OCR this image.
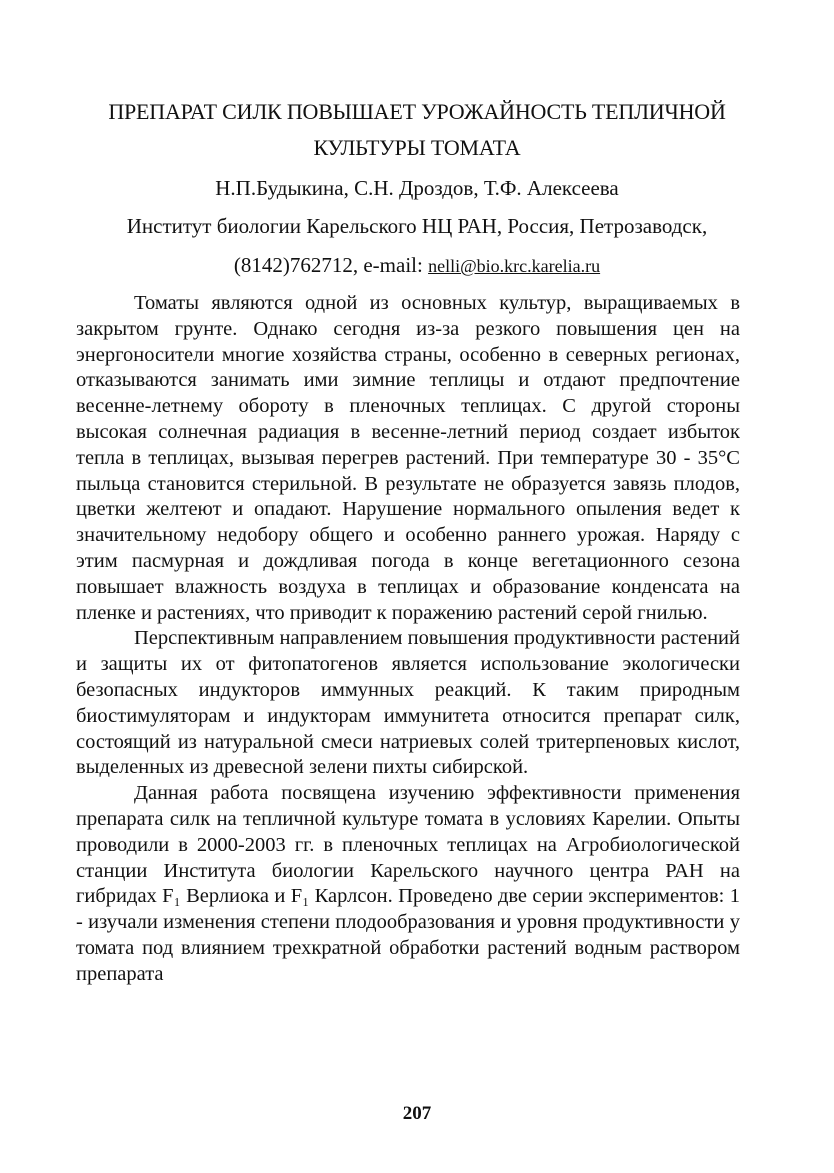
ПРЕПАРАТ СИЛК ПОВЫШАЕТ УРОЖАЙНОСТЬ ТЕПЛИЧНОЙ КУЛЬТУРЫ ТОМАТА
Н.П.Будыкина, С.Н. Дроздов, Т.Ф. Алексеева
Институт биологии Карельского НЦ РАН, Россия, Петрозаводск,
(8142)762712, e-mail: nelli@bio.krc.karelia.ru

Томаты являются одной из основных культур, выращиваемых в закрытом грунте. Однако сегодня из-за резкого повышения цен на энергоносители многие хозяйства страны, особенно в северных регионах, отказываются занимать ими зимние теплицы и отдают предпочтение весенне-летнему обороту в пленочных теплицах. С другой стороны высокая солнечная радиация в весенне-летний период создает избыток тепла в теплицах, вызывая перегрев растений. При температуре 30 - 35°С пыльца становится стерильной. В результате не образуется завязь плодов, цветки желтеют и опадают. Нарушение нормального опыления ведет к значительному недобору общего и особенно раннего урожая. Наряду с этим пасмурная и дождливая погода в конце вегетационного сезона повышает влажность воздуха в теплицах и образование конденсата на пленке и растениях, что приводит к поражению растений серой гнилью.

Перспективным направлением повышения продуктивности растений и защиты их от фитопатогенов является использование экологически безопасных индукторов иммунных реакций. К таким природным биостимуляторам и индукторам иммунитета относится препарат силк, состоящий из натуральной смеси натриевых солей тритерпеновых кислот, выделенных из древесной зелени пихты сибирской.

Данная работа посвящена изучению эффективности применения препарата силк на тепличной культуре томата в условиях Карелии. Опыты проводили в 2000-2003 гг. в пленочных теплицах на Агробиологической станции Института биологии Карельского научного центра РАН на гибридах F₁ Верлиока и F₁ Карлсон. Проведено две серии экспериментов: 1 - изучали изменения степени плодообразования и уровня продуктивности у томата под влиянием трехкратной обработки растений водным раствором препарата

207
